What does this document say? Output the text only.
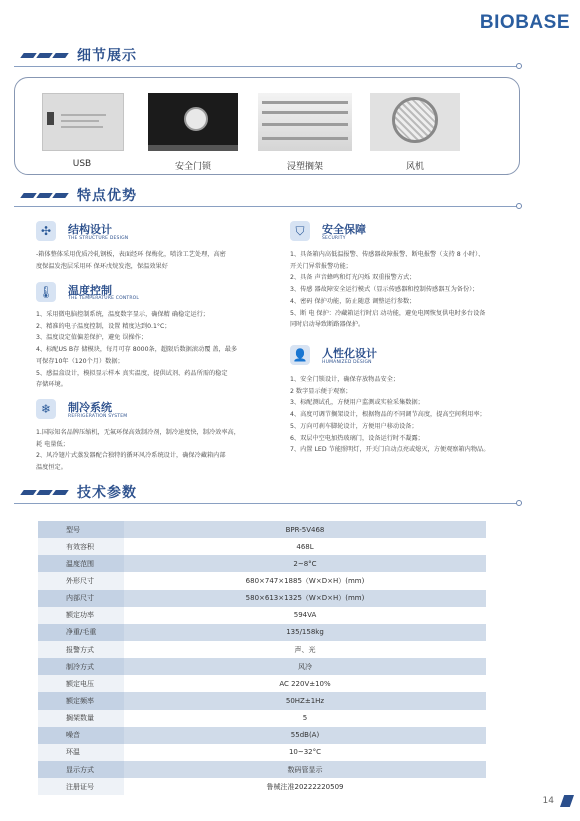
BIOBASE
细节展示
USB	安全门锁	浸塑搁架	风机
特点优势
✣	结构设计
THE STRUCTURE DESIGN
-箱体整体采用优质冷轧钢板，表面经环 保梅化，喷涂工艺处理，高密
度保温发泡层采用环 保环戊烷发泡，保温效果好
🌡 温度控制
THE TEMPERATURE CONTROL
1、采用微电脑控制系统，温度数字显示，确保精 确稳定运行；
2、精准的电子温度控制，设置 精度达到0.1°C；
3、温度设定值偏差保护，避免 误操作；
4、标配US B存 储模块，每月可存 8000条，超限后数据滚动覆 盖，最多
可保存10年（120个月）数据；
5、感温盒设计，模拟显示样本 真实温度，提供试剂、药品所需的稳定
存储环境。
❄	制冷系统
REFRIGERATION SYSTEM
1.国际知名品牌压缩机，无氟环保高效制冷剂，制冷速度快，制冷效率高，
耗 电量低；
2、风冷翅片式蒸发器配合独特的循环风冷系统设计，确保冷藏箱内部
温度恒定。
⛉	安全保障
SECURITY
1、具备箱内高低温报警、传感器故障报警、断电报警（支持 8 小时）、
开关门异常报警功能；
2、具备 声音蜂鸣和灯光闪烁 双重报警方式；
3、传感 器故障安全运行模式（显示传感器和控制传感器互为备份）；
4、密码 保护功能，防止随意 调整运行参数；
5、断 电 保护：冷藏箱运行时启 动功能，避免电网恢复供电时多台设备
同时启动导致断路器保护。
👤 人性化设计
HUMANIZED DESIGN
1、安全门锁设计，确保存放物品安全；
2 数字显示便于观察；
3、标配测试孔，方便用户监测或实验采集数据；
4、高度可调节搁架设计，根据物品的不同调节高度，提高空间利用率；
5、万向可刹车脚轮设计，方便用户移动设备；
6、双层中空电加热玻璃门，设备运行时不凝露；
7、内置 LED 节能照明灯，开关门自动点亮或熄灭，方便观察箱内物品。
技术参数
型号	BPR-5V468
有效容积	468L
温度范围	2~8°C
外形尺寸	680×747×1885（W×D×H）(mm)
内部尺寸	580×613×1325（W×D×H）(mm)
额定功率	594VA
净重/毛重	135/158kg
报警方式	声、光
制冷方式	风冷
额定电压	AC 220V±10%
额定频率	50HZ±1Hz
搁架数量	5
噪音	55dB(A)
环温	10~32°C
显示方式	数码管显示
注册证号	鲁械注准20222220509
14
